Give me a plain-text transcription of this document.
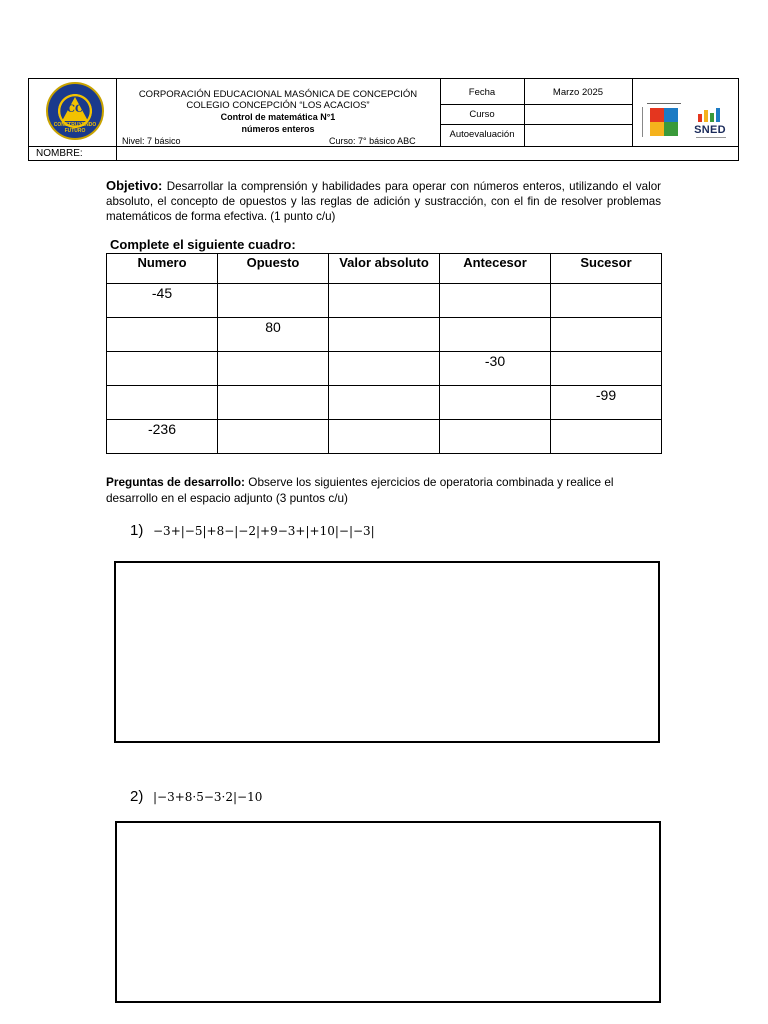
CC
CONSTRUYENDO FUTURO
CORPORACIÓN EDUCACIONAL MASÓNICA DE CONCEPCIÓN
COLEGIO CONCEPCIÓN “LOS ACACIOS”
Control de matemática N°1
números enteros
Nivel: 7 básico	Curso: 7° básico ABC
Fecha	Marzo 2025
Curso
Autoevaluación
NOMBRE:
SNED
Objetivo: Desarrollar la comprensión y habilidades para operar con números enteros, utilizando el valor absoluto, el concepto de opuestos y las reglas de adición y sustracción, con el fin de resolver problemas matemáticos de forma efectiva. (1 punto c/u)
Complete el siguiente cuadro:
Numero	Opuesto	Valor absoluto	Antecesor	Sucesor
-45				
	80			
			-30	
				-99
-236				
Preguntas de desarrollo: Observe los siguientes ejercicios de operatoria combinada y realice el desarrollo en el espacio adjunto (3 puntos c/u)
1) −3+|−5|+8−|−2|+9−3+|+10|−|−3|
2) |−3+8·5−3·2|−10
